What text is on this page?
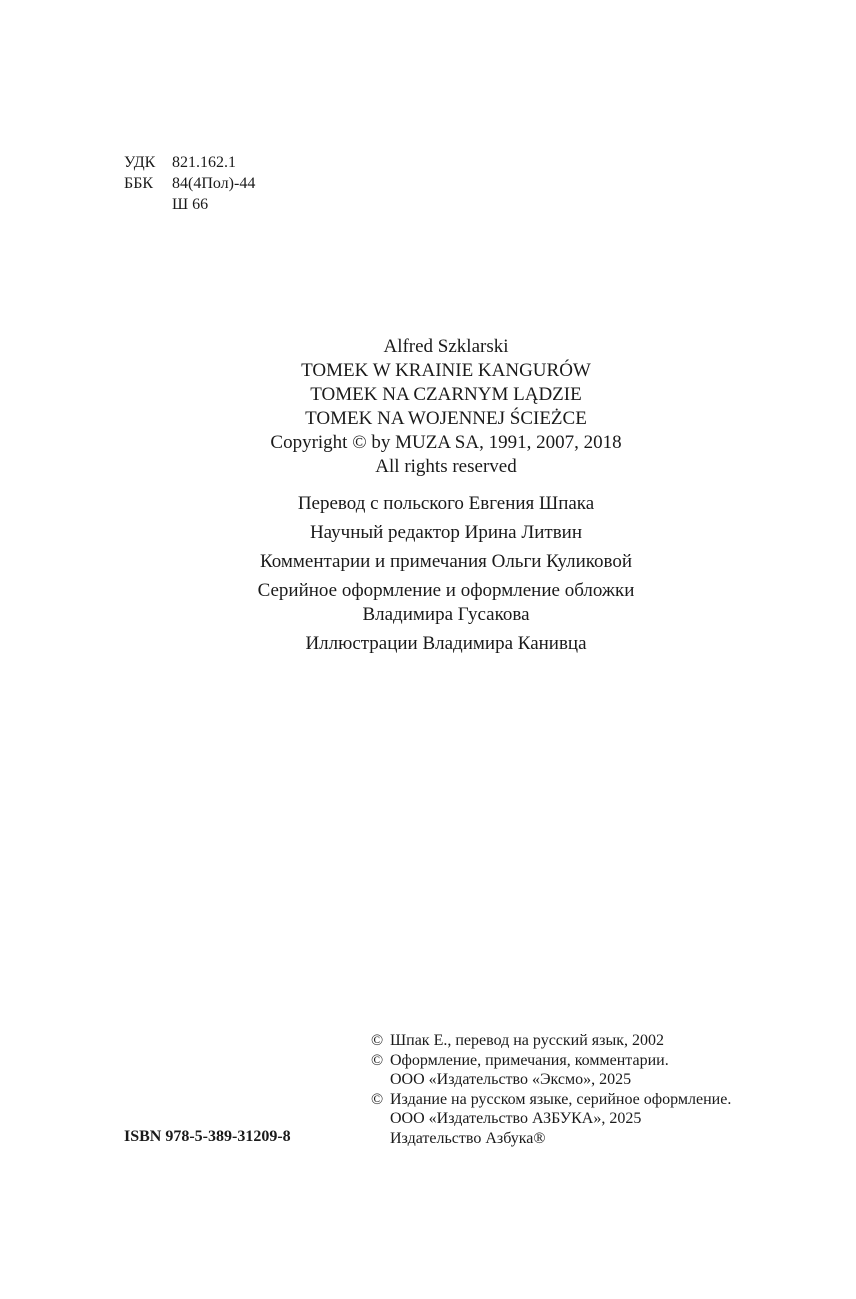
УДК	821.162.1
ББК	84(4Пол)-44
Ш 66
Alfred Szklarski
TOMEK W KRAINIE KANGURÓW
TOMEK NA CZARNYM LĄDZIE
TOMEK NA WOJENNEJ ŚCIEŻCE
Copyright © by MUZA SA, 1991, 2007, 2018
All rights reserved
Перевод с польского Евгения Шпака
Научный редактор Ирина Литвин
Комментарии и примечания Ольги Куликовой
Серийное оформление и оформление обложки
Владимира Гусакова
Иллюстрации Владимира Канивца
© Шпак Е., перевод на русский язык, 2002
© Оформление, примечания, комментарии.
ООО «Издательство «Эксмо», 2025
© Издание на русском языке, серийное оформление.
ООО «Издательство АЗБУКА», 2025
Издательство Азбука®
ISBN 978-5-389-31209-8
